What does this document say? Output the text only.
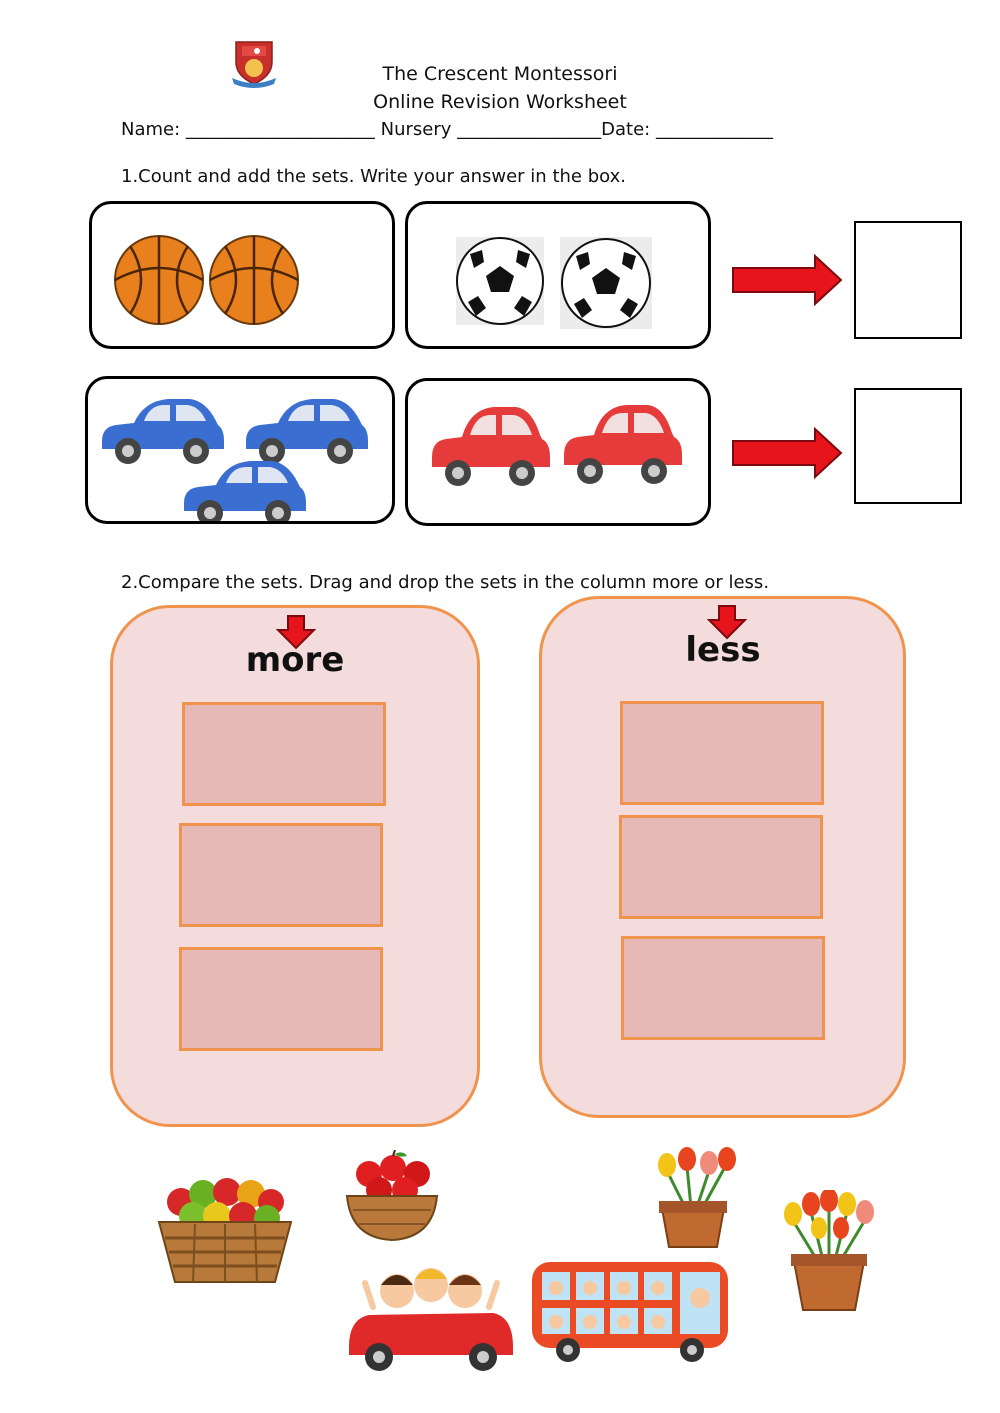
The Crescent Montessori
Online Revision Worksheet
Name: _____________________ Nursery ________________Date: _____________
1.Count and add the sets. Write your answer in the box.
2.Compare the sets. Drag and drop the sets in the column more or less.
more	less
